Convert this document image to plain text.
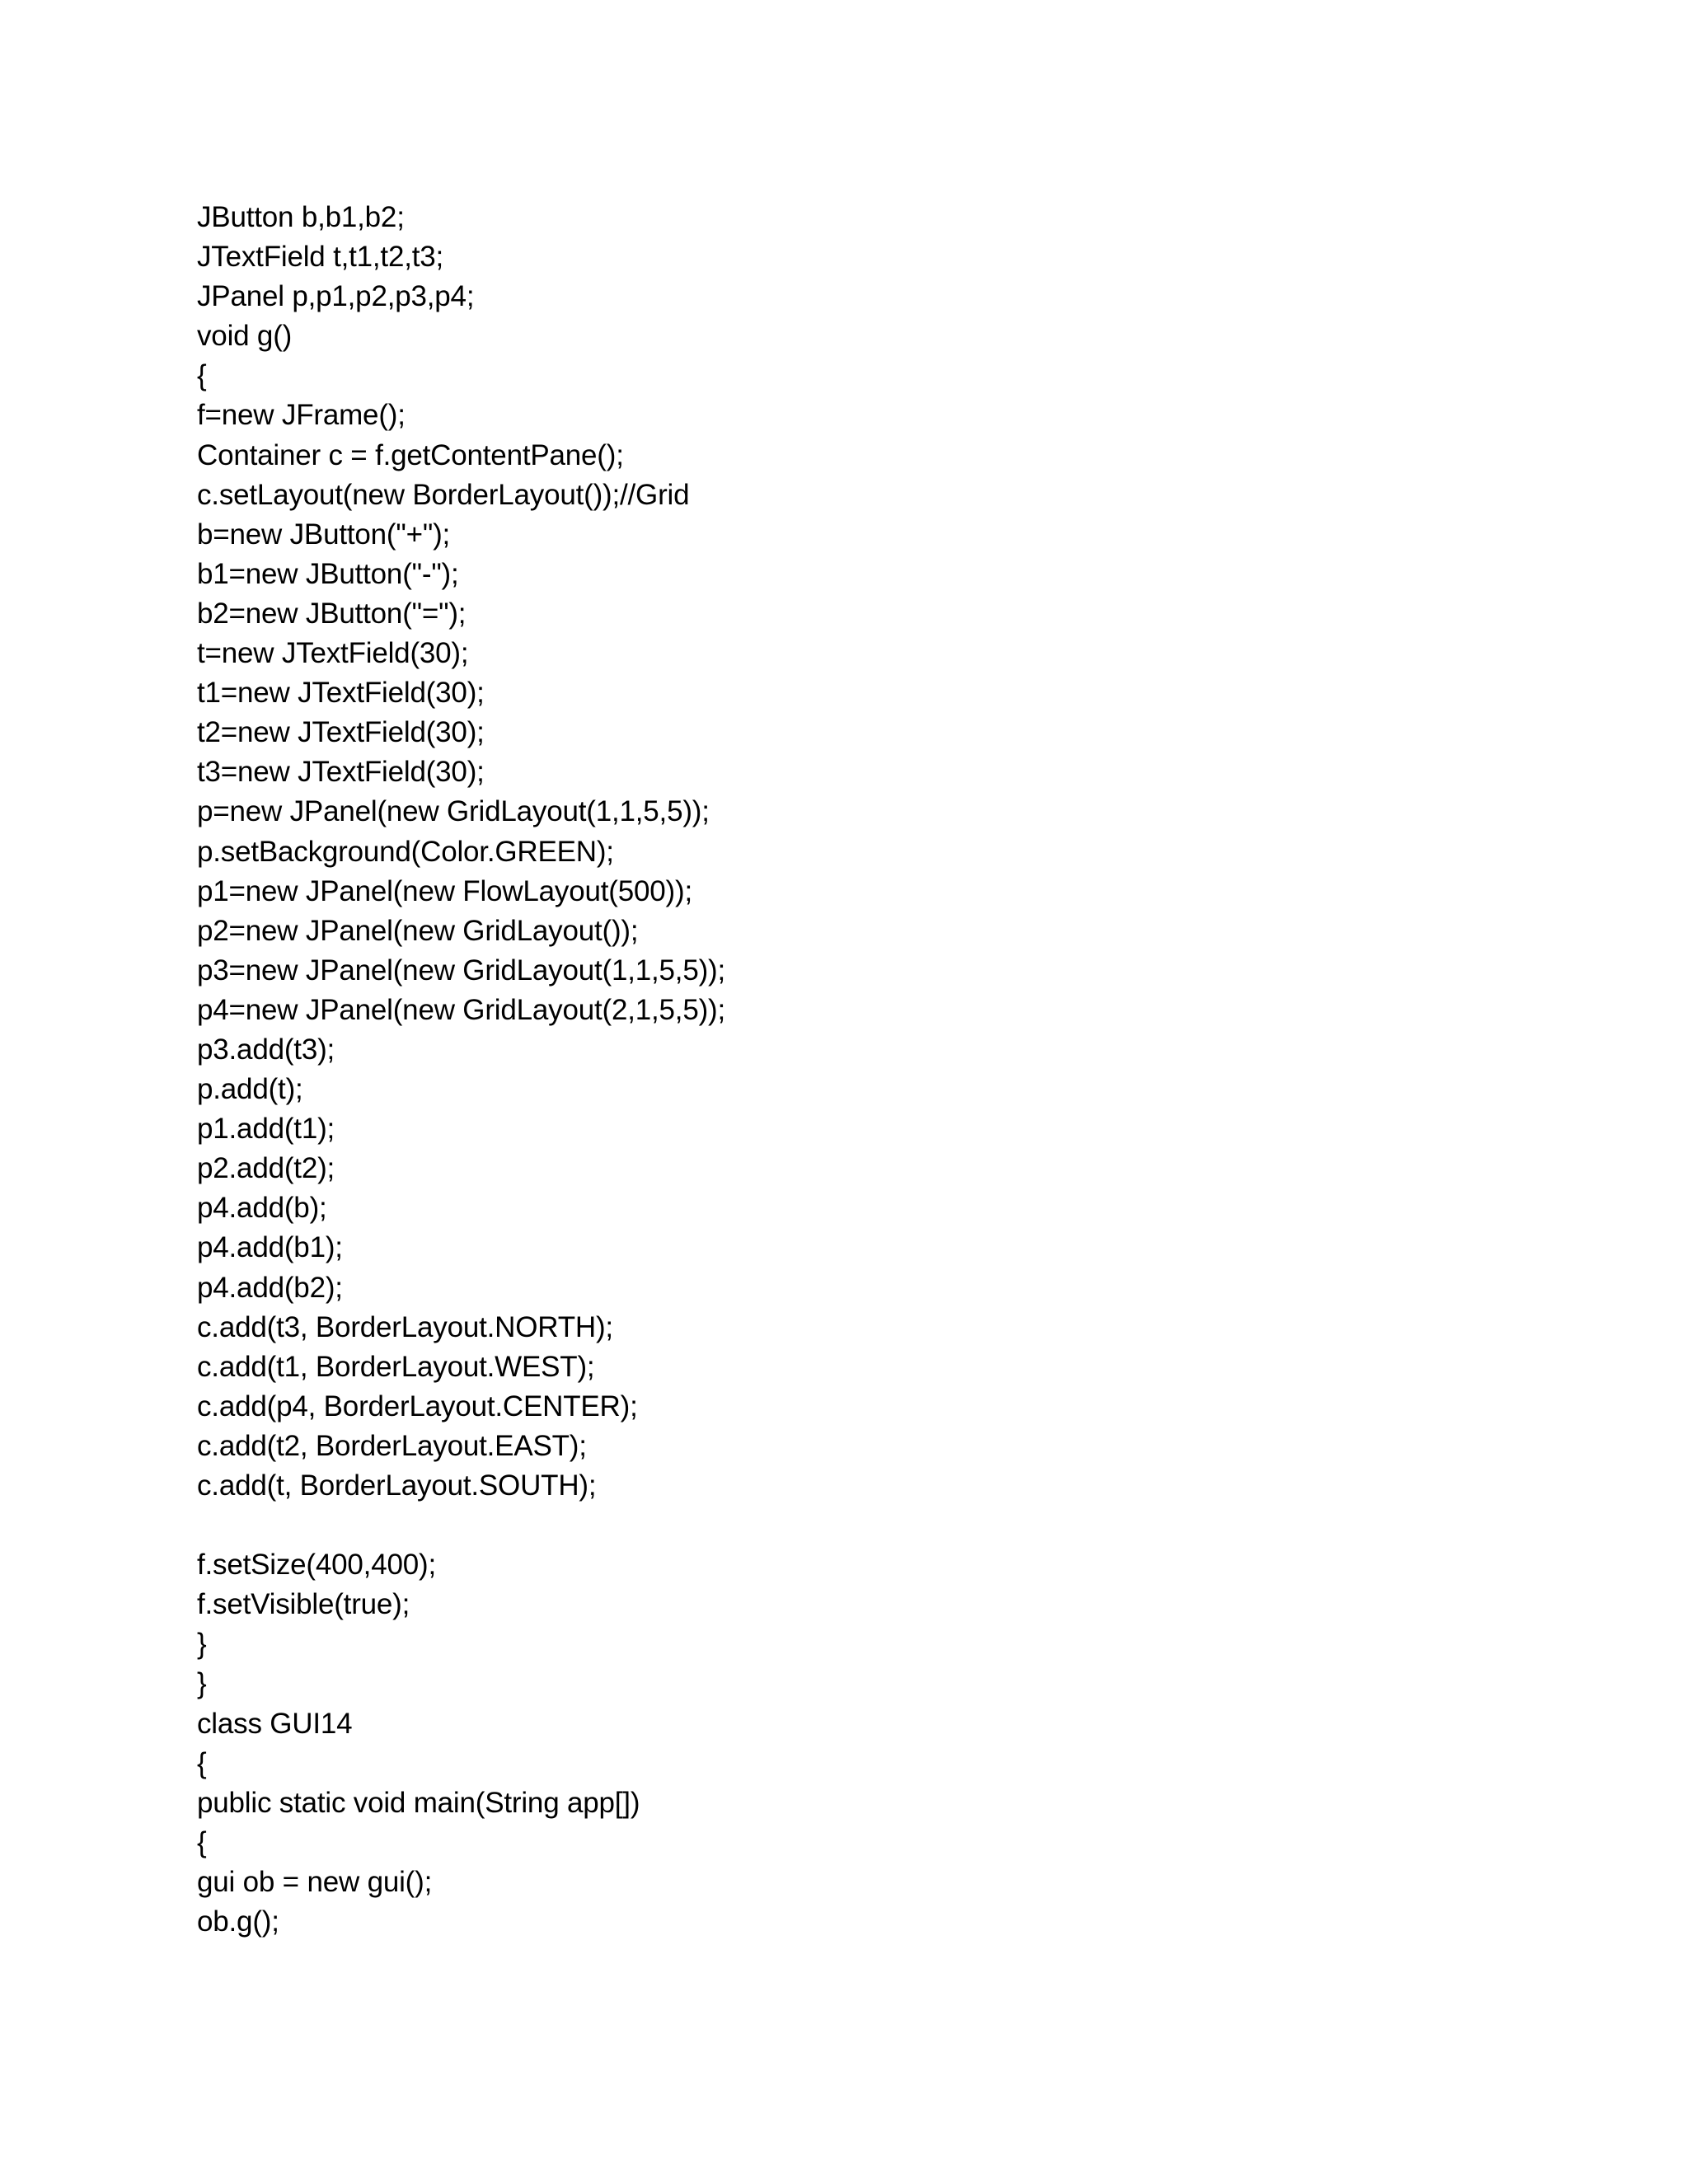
JButton b,b1,b2;
JTextField t,t1,t2,t3;
JPanel p,p1,p2,p3,p4;
void g()
{
f=new JFrame();
Container c = f.getContentPane();
c.setLayout(new BorderLayout());//Grid
b=new JButton("+");
b1=new JButton("-");
b2=new JButton("=");
t=new JTextField(30);
t1=new JTextField(30);
t2=new JTextField(30);
t3=new JTextField(30);
p=new JPanel(new GridLayout(1,1,5,5));
p.setBackground(Color.GREEN);
p1=new JPanel(new FlowLayout(500));
p2=new JPanel(new GridLayout());
p3=new JPanel(new GridLayout(1,1,5,5));
p4=new JPanel(new GridLayout(2,1,5,5));
p3.add(t3);
p.add(t);
p1.add(t1);
p2.add(t2);
p4.add(b);
p4.add(b1);
p4.add(b2);
c.add(t3, BorderLayout.NORTH);
c.add(t1, BorderLayout.WEST);
c.add(p4, BorderLayout.CENTER);
c.add(t2, BorderLayout.EAST);
c.add(t, BorderLayout.SOUTH);
f.setSize(400,400);
f.setVisible(true);
}
}
class GUI14
{
public static void main(String app[])
{
gui ob = new gui();
ob.g();
